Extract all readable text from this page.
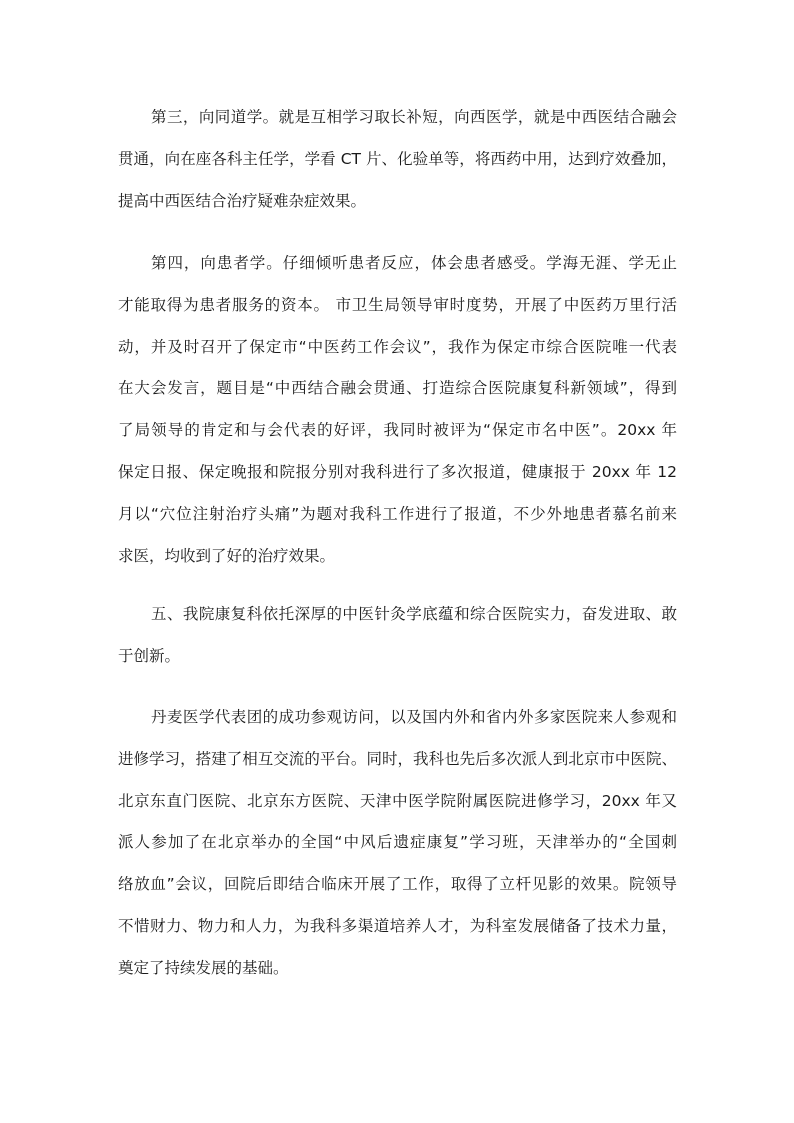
第三，向同道学。就是互相学习取长补短，向西医学，就是中西医结合融会
贯通，向在座各科主任学，学看 CT 片、化验单等，将西药中用，达到疗效叠加，
提高中西医结合治疗疑难杂症效果。
第四，向患者学。仔细倾听患者反应，体会患者感受。学海无涯、学无止
才能取得为患者服务的资本。 市卫生局领导审时度势，开展了中医药万里行活
动，并及时召开了保定市“中医药工作会议”，我作为保定市综合医院唯一代表
在大会发言，题目是“中西结合融会贯通、打造综合医院康复科新领域”，得到
了局领导的肯定和与会代表的好评，我同时被评为“保定市名中医”。20xx 年
保定日报、保定晚报和院报分别对我科进行了多次报道，健康报于 20xx 年 12
月以“穴位注射治疗头痛”为题对我科工作进行了报道，不少外地患者慕名前来
求医，均收到了好的治疗效果。
五、我院康复科依托深厚的中医针灸学底蕴和综合医院实力，奋发进取、敢
于创新。
丹麦医学代表团的成功参观访问，以及国内外和省内外多家医院来人参观和
进修学习，搭建了相互交流的平台。同时，我科也先后多次派人到北京市中医院、
北京东直门医院、北京东方医院、天津中医学院附属医院进修学习，20xx 年又
派人参加了在北京举办的全国“中风后遗症康复”学习班，天津举办的“全国刺
络放血”会议，回院后即结合临床开展了工作，取得了立杆见影的效果。院领导
不惜财力、物力和人力，为我科多渠道培养人才，为科室发展储备了技术力量，
奠定了持续发展的基础。
